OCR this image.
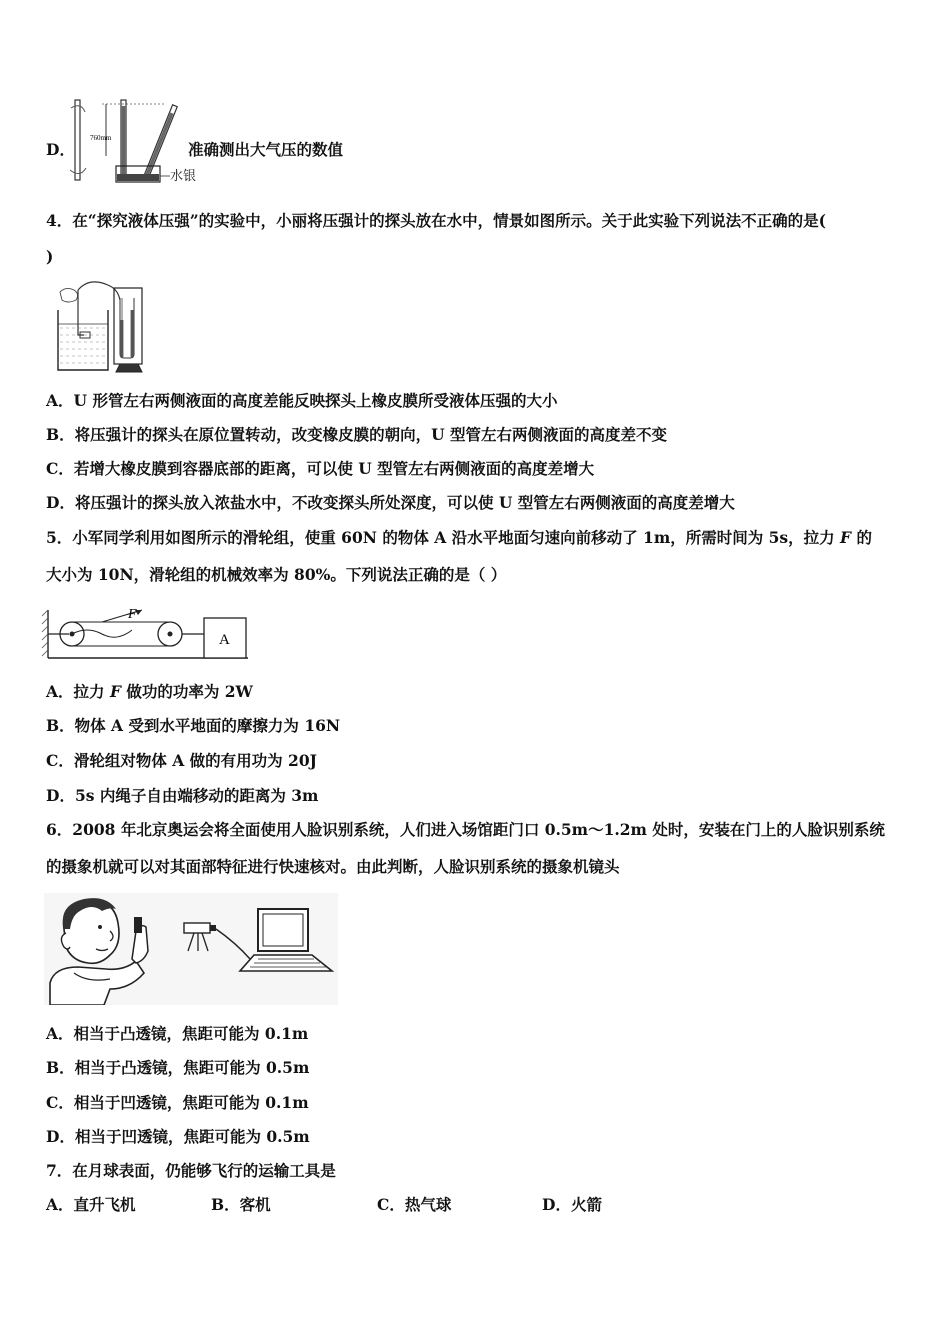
D．
760mm
水银
准确测出大气压的数值
4．在“探究液体压强”的实验中，小丽将压强计的探头放在水中，情景如图所示。关于此实验下列说法不正确的是(
)
A．U 形管左右两侧液面的高度差能反映探头上橡皮膜所受液体压强的大小
B．将压强计的探头在原位置转动，改变橡皮膜的朝向，U 型管左右两侧液面的高度差不变
C．若增大橡皮膜到容器底部的距离，可以使 U 型管左右两侧液面的高度差增大
D．将压强计的探头放入浓盐水中，不改变探头所处深度，可以使 U 型管左右两侧液面的高度差增大
5．小军同学利用如图所示的滑轮组，使重 60N 的物体 A 沿水平地面匀速向前移动了 1m，所需时间为 5s，拉力 F 的
大小为 10N，滑轮组的机械效率为 80%。下列说法正确的是（ ）
F
A
A．拉力 F 做功的功率为 2W
B．物体 A 受到水平地面的摩擦力为 16N
C．滑轮组对物体 A 做的有用功为 20J
D．5s 内绳子自由端移动的距离为 3m
6．2008 年北京奥运会将全面使用人脸识别系统，人们进入场馆距门口 0.5m～1.2m 处时，安装在门上的人脸识别系统
的摄象机就可以对其面部特征进行快速核对。由此判断，人脸识别系统的摄象机镜头
A．相当于凸透镜，焦距可能为 0.1m
B．相当于凸透镜，焦距可能为 0.5m
C．相当于凹透镜，焦距可能为 0.1m
D．相当于凹透镜，焦距可能为 0.5m
7．在月球表面，仍能够飞行的运输工具是
A．直升飞机	B．客机	C．热气球	D．火箭
